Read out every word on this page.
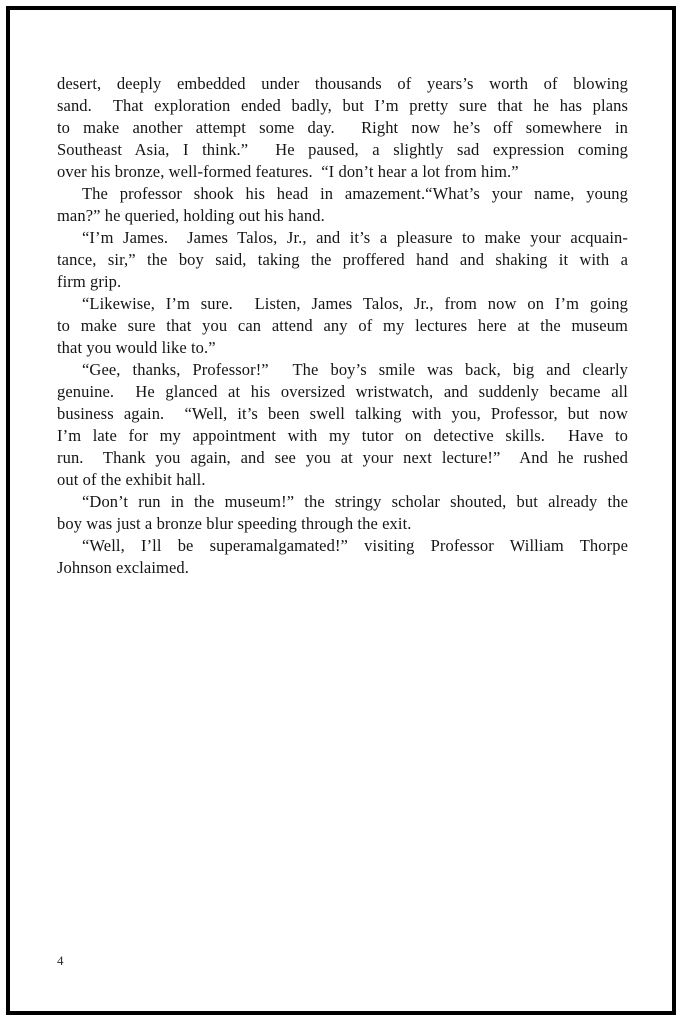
desert, deeply embedded under thousands of years’s worth of blowing
sand.  That exploration ended badly, but I’m pretty sure that he has plans
to make another attempt some day.  Right now he’s off somewhere in
Southeast Asia, I think.”  He paused, a slightly sad expression coming
over his bronze, well-formed features.  “I don’t hear a lot from him.”
The professor shook his head in amazement.“What’s your name, young
man?” he queried, holding out his hand.
“I’m James.  James Talos, Jr., and it’s a pleasure to make your acquain-
tance, sir,” the boy said, taking the proffered hand and shaking it with a
firm grip.
“Likewise, I’m sure.  Listen, James Talos, Jr., from now on I’m going
to make sure that you can attend any of my lectures here at the museum
that you would like to.”
“Gee, thanks, Professor!”  The boy’s smile was back, big and clearly
genuine.  He glanced at his oversized wristwatch, and suddenly became all
business again.  “Well, it’s been swell talking with you, Professor, but now
I’m late for my appointment with my tutor on detective skills.  Have to
run.  Thank you again, and see you at your next lecture!”  And he rushed
out of the exhibit hall.
“Don’t run in the museum!” the stringy scholar shouted, but already the
boy was just a bronze blur speeding through the exit.
“Well, I’ll be superamalgamated!” visiting Professor William Thorpe
Johnson exclaimed.
4
